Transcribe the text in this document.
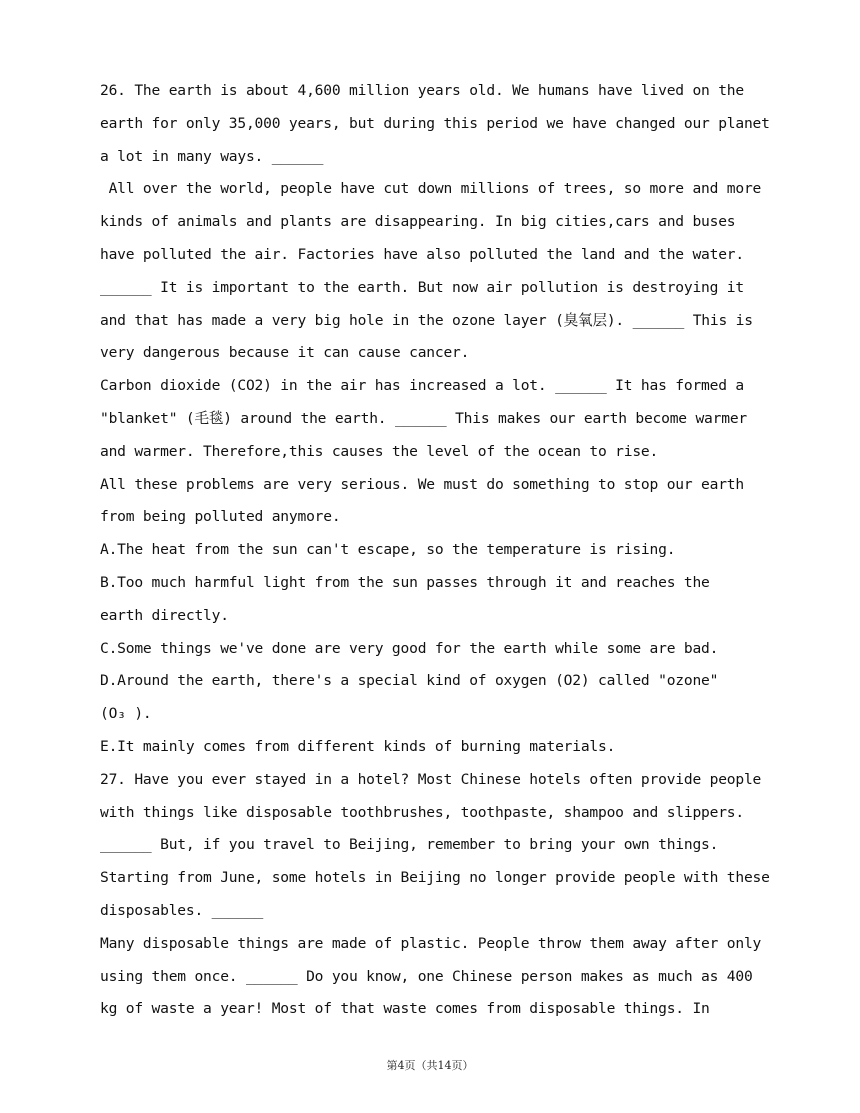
26. The earth is about 4,600 million years old. We humans have lived on the
earth for only 35,000 years, but during this period we have changed our planet
a lot in many ways. ______
All over the world, people have cut down millions of trees, so more and more
kinds of animals and plants are disappearing. In big cities,cars and buses
have polluted the air. Factories have also polluted the land and the water.
______ It is important to the earth. But now air pollution is destroying it
and that has made a very big hole in the ozone layer (臭氧层). ______ This is
very dangerous because it can cause cancer.
Carbon dioxide (CO2) in the air has increased a lot. ______ It has formed a
"blanket" (毛毯) around the earth. ______ This makes our earth become warmer
and warmer. Therefore,this causes the level of the ocean to rise.
All these problems are very serious. We must do something to stop our earth
from being polluted anymore.
A.The heat from the sun can't escape, so the temperature is rising.
B.Too much harmful light from the sun passes through it and reaches the
earth directly.
C.Some things we've done are very good for the earth while some are bad.
D.Around the earth, there's a special kind of oxygen (O2) called "ozone"
(O₃ ).
E.It mainly comes from different kinds of burning materials.
27. Have you ever stayed in a hotel? Most Chinese hotels often provide people
with things like disposable toothbrushes, toothpaste, shampoo and slippers.
______ But, if you travel to Beijing, remember to bring your own things.
Starting from June, some hotels in Beijing no longer provide people with these
disposables. ______
Many disposable things are made of plastic. People throw them away after only
using them once. ______ Do you know, one Chinese person makes as much as 400
kg of waste a year! Most of that waste comes from disposable things. In
第4页（共14页）
